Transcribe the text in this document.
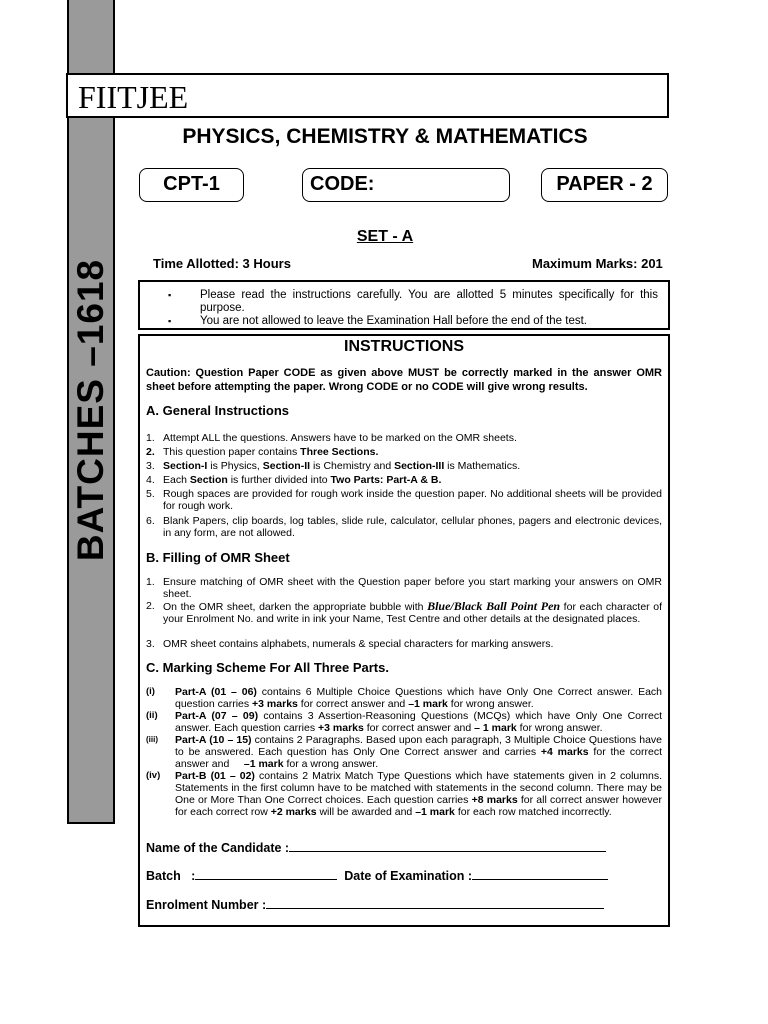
BATCHES –1618
FIITJEE
PHYSICS, CHEMISTRY & MATHEMATICS
CPT-1	CODE:	PAPER - 2
SET - A
Time Allotted: 3 Hours	Maximum Marks: 201
▪	Please read the instructions carefully. You are allotted 5 minutes specifically for this purpose.
▪	You are not allowed to leave the Examination Hall before the end of the test.
INSTRUCTIONS
Caution: Question Paper CODE as given above MUST be correctly marked in the answer OMR sheet before attempting the paper. Wrong CODE or no CODE will give wrong results.
A. General Instructions
1. Attempt ALL the questions. Answers have to be marked on the OMR sheets.
2. This question paper contains Three Sections.
3. Section-I is Physics, Section-II is Chemistry and Section-III is Mathematics.
4. Each Section is further divided into Two Parts: Part-A & B.
5. Rough spaces are provided for rough work inside the question paper. No additional sheets will be provided for rough work.
6. Blank Papers, clip boards, log tables, slide rule, calculator, cellular phones, pagers and electronic devices, in any form, are not allowed.
B. Filling of OMR Sheet
1. Ensure matching of OMR sheet with the Question paper before you start marking your answers on OMR sheet.
2. On the OMR sheet, darken the appropriate bubble with Blue/Black Ball Point Pen for each character of your Enrolment No. and write in ink your Name, Test Centre and other details at the designated places.
3. OMR sheet contains alphabets, numerals & special characters for marking answers.
C. Marking Scheme For All Three Parts.
(i) Part-A (01 – 06) contains 6 Multiple Choice Questions which have Only One Correct answer. Each question carries +3 marks for correct answer and –1 mark for wrong answer.
(ii) Part-A (07 – 09) contains 3 Assertion-Reasoning Questions (MCQs) which have Only One Correct answer. Each question carries +3 marks for correct answer and – 1 mark for wrong answer.
(iii) Part-A (10 – 15) contains 2 Paragraphs. Based upon each paragraph, 3 Multiple Choice Questions have to be answered. Each question has Only One Correct answer and carries +4 marks for the correct answer and     –1 mark for a wrong answer.
(iv) Part-B (01 – 02) contains 2 Matrix Match Type Questions which have statements given in 2 columns. Statements in the first column have to be matched with statements in the second column. There may be One or More Than One Correct choices. Each question carries +8 marks for all correct answer however for each correct row +2 marks will be awarded and –1 mark for each row matched incorrectly.
Name of the Candidate :
Batch   :	Date of Examination :
Enrolment Number :
